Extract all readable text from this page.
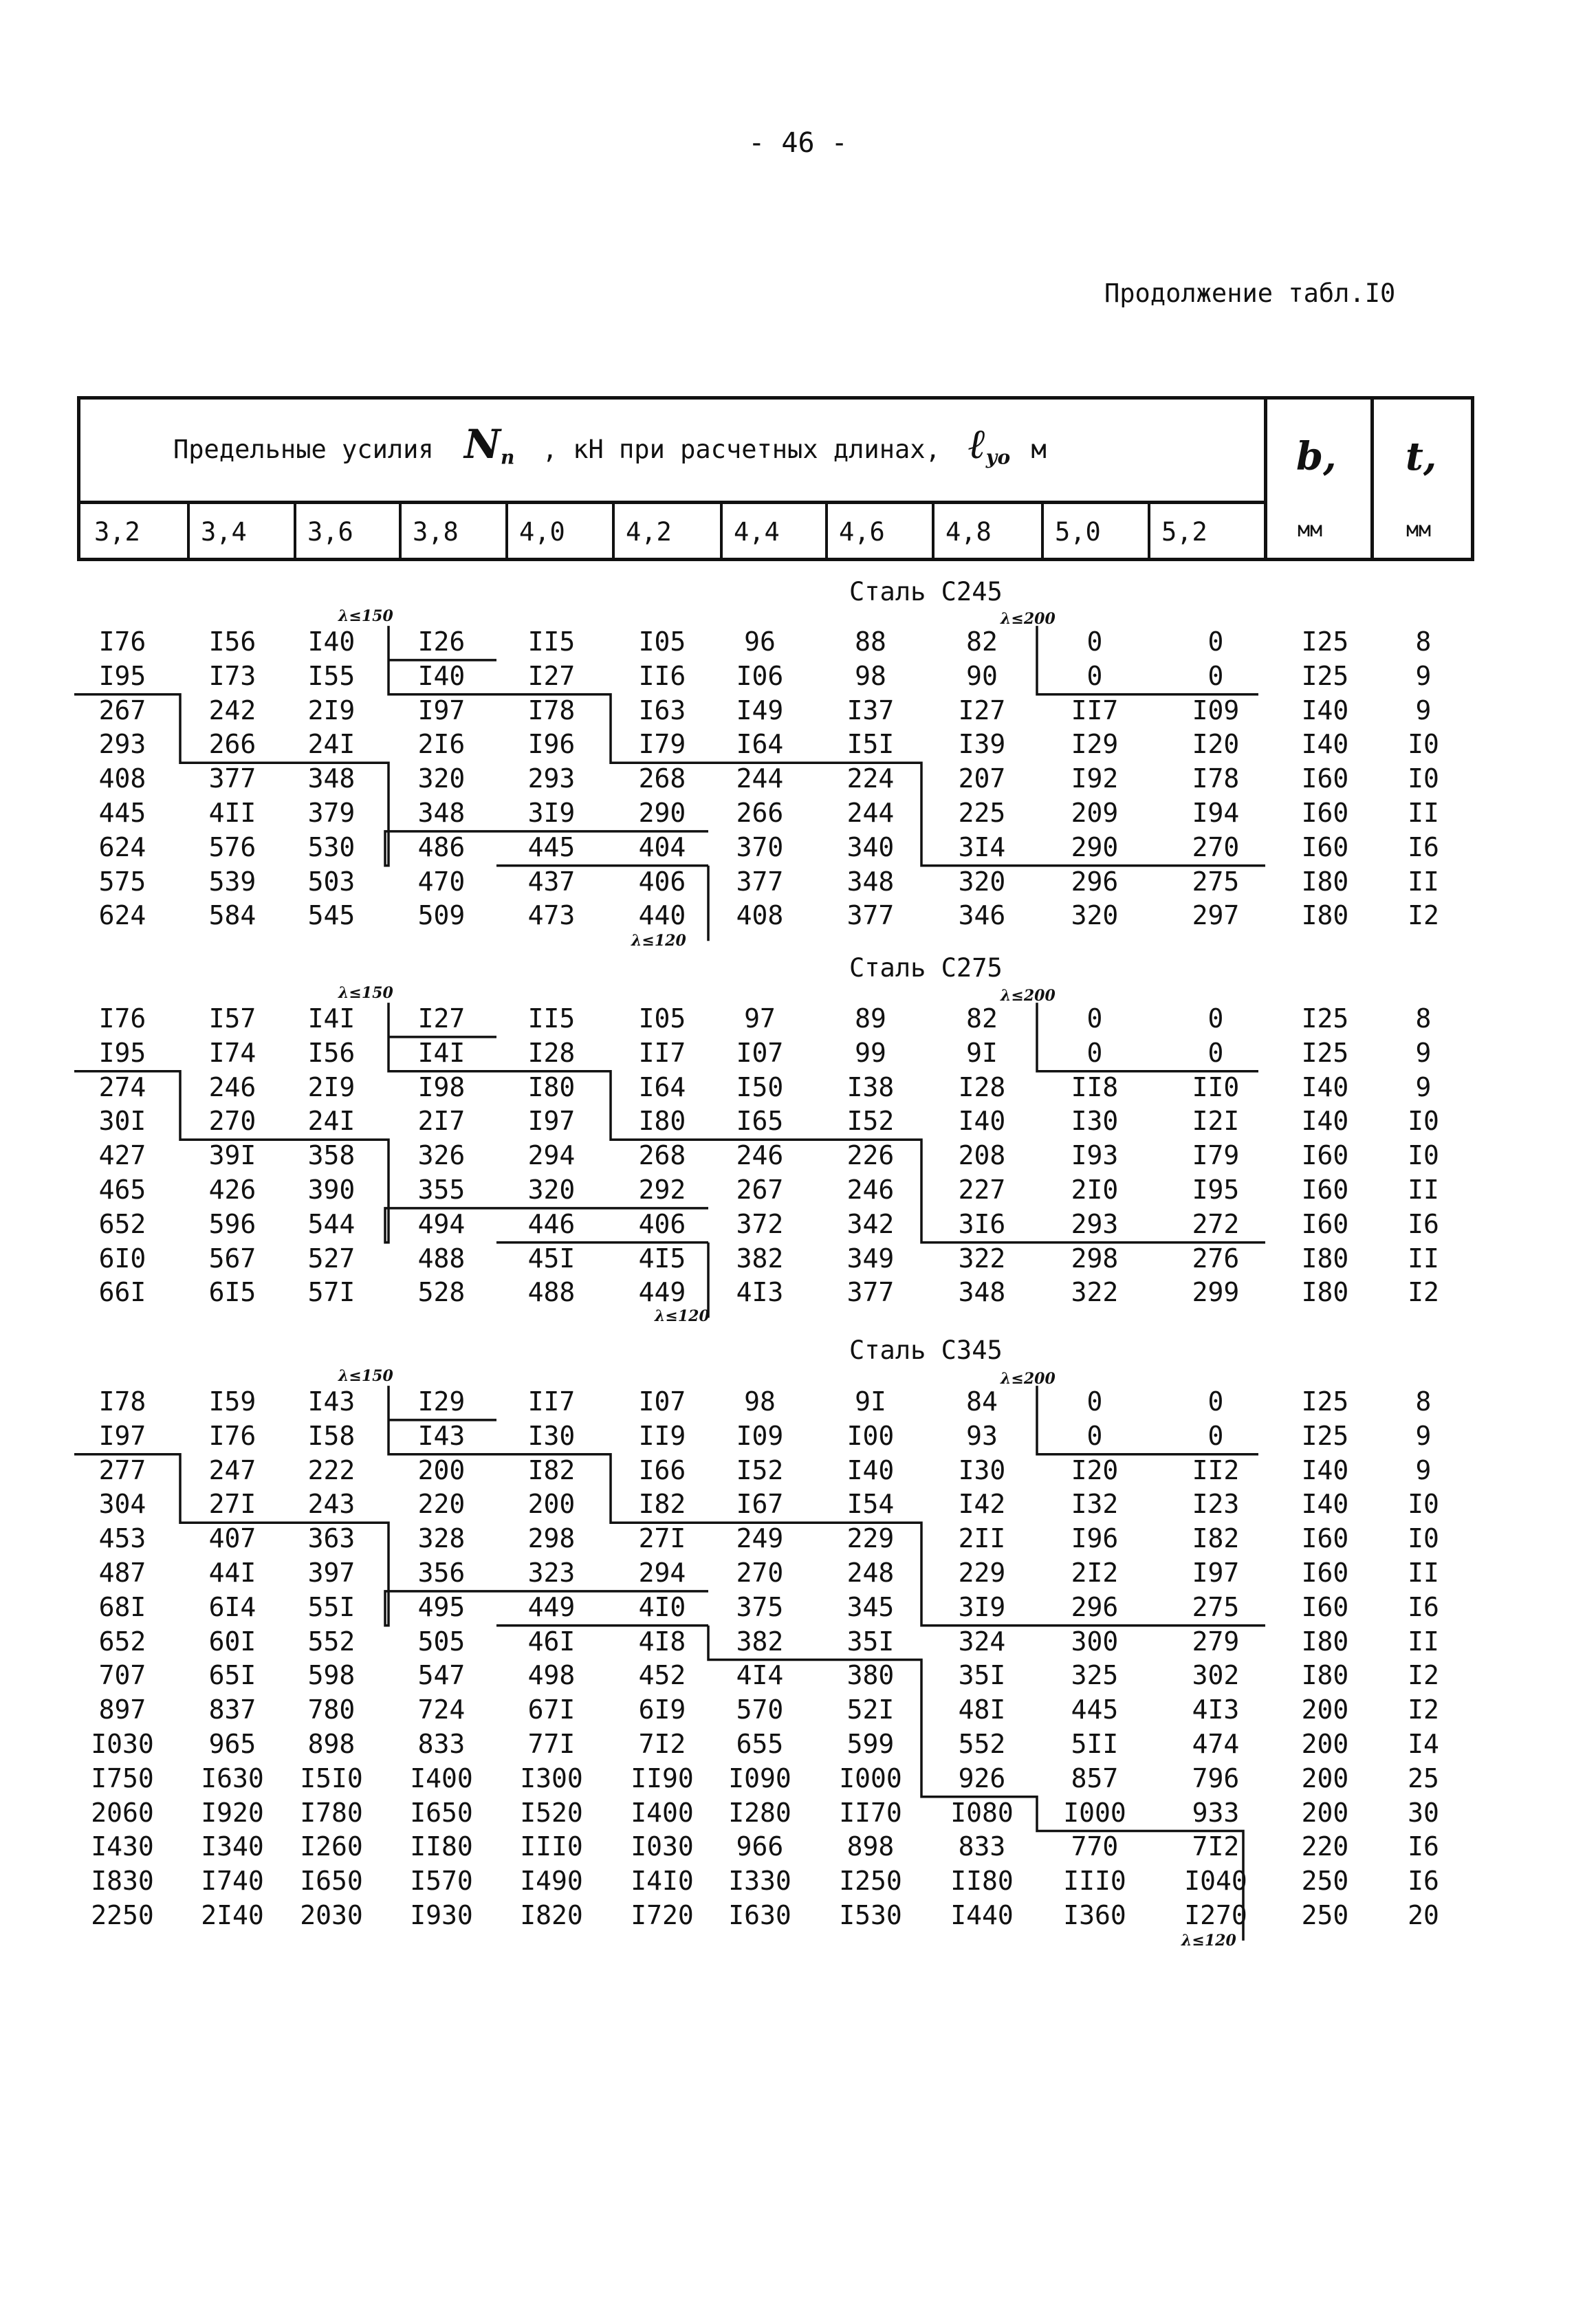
- 46 -
Продолжение табл.I0
Предельные усилия $N_п$ , кН при расчетных длинах, ℓ$_{уо}$ м	b, t,
3,2 3,4 3,6 3,8 4,0 4,2 4,4 4,6 4,8 5,0 5,2	мм	мм
Сталь С245
I76	I56	I40	I26	II5	I05	96	88	82	0	0	I25	8
I95	I73	I55	I40	I27	II6	I06	98	90	0	0	I25	9
267	242	2I9	I97	I78	I63	I49	I37	I27	II7	I09	I40	9
293	266	24I	2I6	I96	I79	I64	I5I	I39	I29	I20	I40	I0
408	377	348	320	293	268	244	224	207	I92	I78	I60	I0
445	4II	379	348	3I9	290	266	244	225	209	I94	I60	II
624	576	530	486	445	404	370	340	3I4	290	270	I60	I6
575	539	503	470	437	406	377	348	320	296	275	I80	II
624	584	545	509	473	440	408	377	346	320	297	I80	I2
λ≤150	λ≤200
Сталь С275
I76	I57	I4I	I27	II5	I05	97	89	82	0	0	I25	8
I95	I74	I56	I4I	I28	II7	I07	99	9I	0	0	I25	9
274	246	2I9	I98	I80	I64	I50	I38	I28	II8	II0	I40	9
30I	270	24I	2I7	I97	I80	I65	I52	I40	I30	I2I	I40	I0
427	39I	358	326	294	268	246	226	208	I93	I79	I60	I0
465	426	390	355	320	292	267	246	227	2I0	I95	I60	II
652	596	544	494	446	406	372	342	3I6	293	272	I60	I6
6I0	567	527	488	45I	4I5	382	349	322	298	276	I80	II
66I	6I5	57I	528	488	449	4I3	377	348	322	299	I80	I2
λ≤150	λ≤200
Сталь С345
I78	I59	I43	I29	II7	I07	98	9I	84	0	0	I25	8
I97	I76	I58	I43	I30	II9	I09	I00	93	0	0	I25	9
277	247	222	200	I82	I66	I52	I40	I30	I20	II2	I40	9
304	27I	243	220	200	I82	I67	I54	I42	I32	I23	I40	I0
453	407	363	328	298	27I	249	229	2II	I96	I82	I60	I0
487	44I	397	356	323	294	270	248	229	2I2	I97	I60	II
68I	6I4	55I	495	449	4I0	375	345	3I9	296	275	I60	I6
652	60I	552	505	46I	4I8	382	35I	324	300	279	I80	II
707	65I	598	547	498	452	4I4	380	35I	325	302	I80	I2
897	837	780	724	67I	6I9	570	52I	48I	445	4I3	200	I2
I030	965	898	833	77I	7I2	655	599	552	5II	474	200	I4
I750	I630	I5I0	I400	I300	II90	I090	I000	926	857	796	200	25
2060	I920	I780	I650	I520	I400	I280	II70	I080	I000	933	200	30
I430	I340	I260	II80	III0	I030	966	898	833	770	7I2	220	I6
I830	I740	I650	I570	I490	I4I0	I330	I250	II80	III0	I040	250	I6
2250	2I40	2030	I930	I820	I720	I630	I530	I440	I360	I270	250	20
λ≤150	λ≤200
λ≤120
λ≤120
λ≤120
